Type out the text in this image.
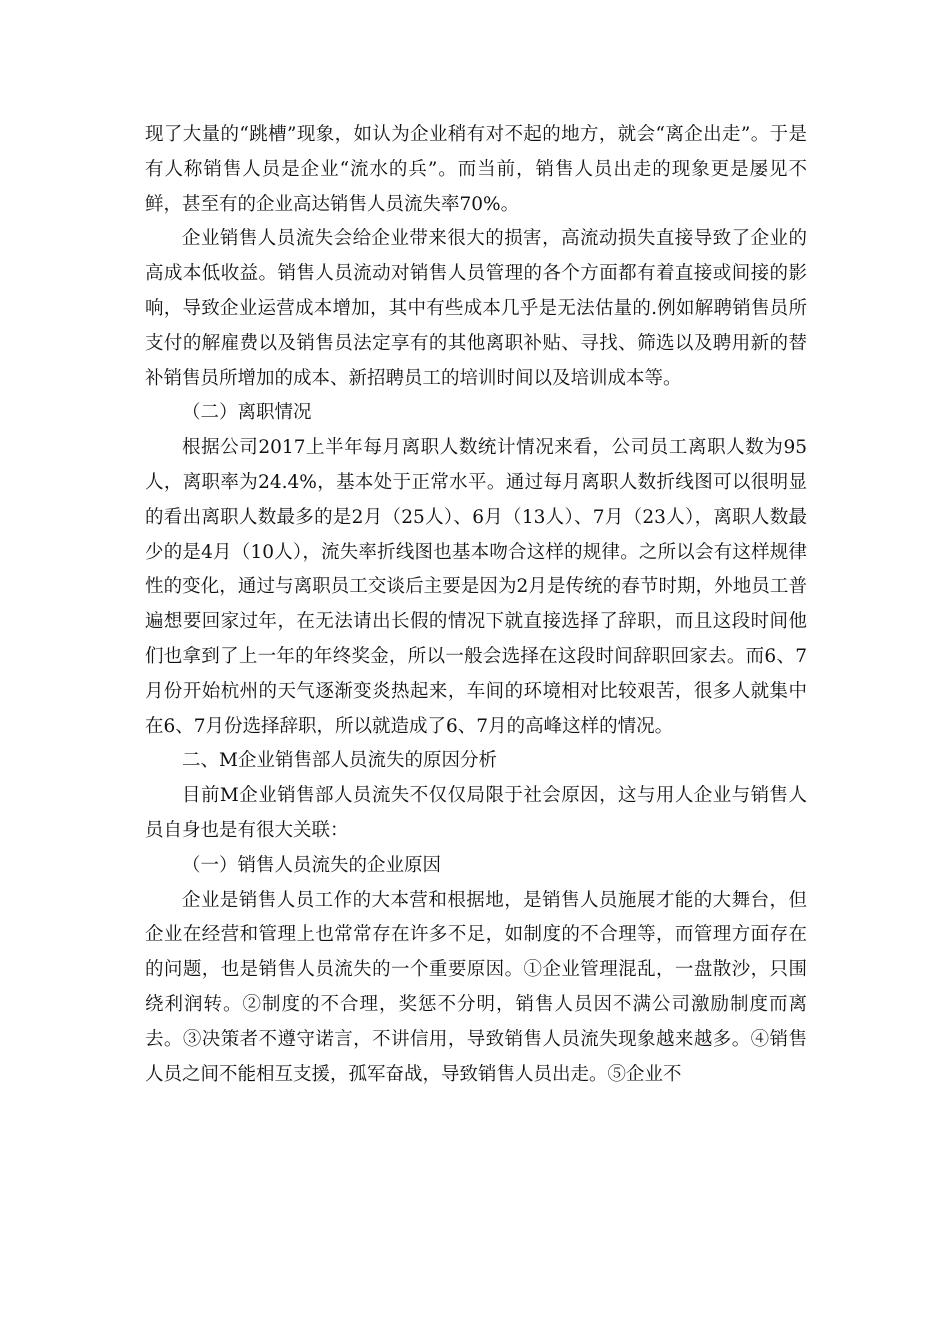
现了大量的“跳槽”现象，如认为企业稍有对不起的地方，就会“离企出走”。于是有人称销售人员是企业“流水的兵”。而当前，销售人员出走的现象更是屡见不鲜，甚至有的企业高达销售人员流失率70%。

企业销售人员流失会给企业带来很大的损害，高流动损失直接导致了企业的高成本低收益。销售人员流动对销售人员管理的各个方面都有着直接或间接的影响，导致企业运营成本增加，其中有些成本几乎是无法估量的.例如解聘销售员所支付的解雇费以及销售员法定享有的其他离职补贴、寻找、筛选以及聘用新的替补销售员所增加的成本、新招聘员工的培训时间以及培训成本等。

（二）离职情况

根据公司2017上半年每月离职人数统计情况来看，公司员工离职人数为95人，离职率为24.4%，基本处于正常水平。通过每月离职人数折线图可以很明显的看出离职人数最多的是2月（25人）、6月（13人）、7月（23人），离职人数最少的是4月（10人），流失率折线图也基本吻合这样的规律。之所以会有这样规律性的变化，通过与离职员工交谈后主要是因为2月是传统的春节时期，外地员工普遍想要回家过年，在无法请出长假的情况下就直接选择了辞职，而且这段时间他们也拿到了上一年的年终奖金，所以一般会选择在这段时间辞职回家去。而6、7月份开始杭州的天气逐渐变炎热起来，车间的环境相对比较艰苦，很多人就集中在6、7月份选择辞职，所以就造成了6、7月的高峰这样的情况。

二、M企业销售部人员流失的原因分析

目前M企业销售部人员流失不仅仅局限于社会原因，这与用人企业与销售人员自身也是有很大关联：

（一）销售人员流失的企业原因

企业是销售人员工作的大本营和根据地，是销售人员施展才能的大舞台，但企业在经营和管理上也常常存在许多不足，如制度的不合理等，而管理方面存在的问题，也是销售人员流失的一个重要原因。①企业管理混乱，一盘散沙，只围绕利润转。②制度的不合理，奖惩不分明，销售人员因不满公司激励制度而离去。③决策者不遵守诺言，不讲信用，导致销售人员流失现象越来越多。④销售人员之间不能相互支援，孤军奋战，导致销售人员出走。⑤企业不
